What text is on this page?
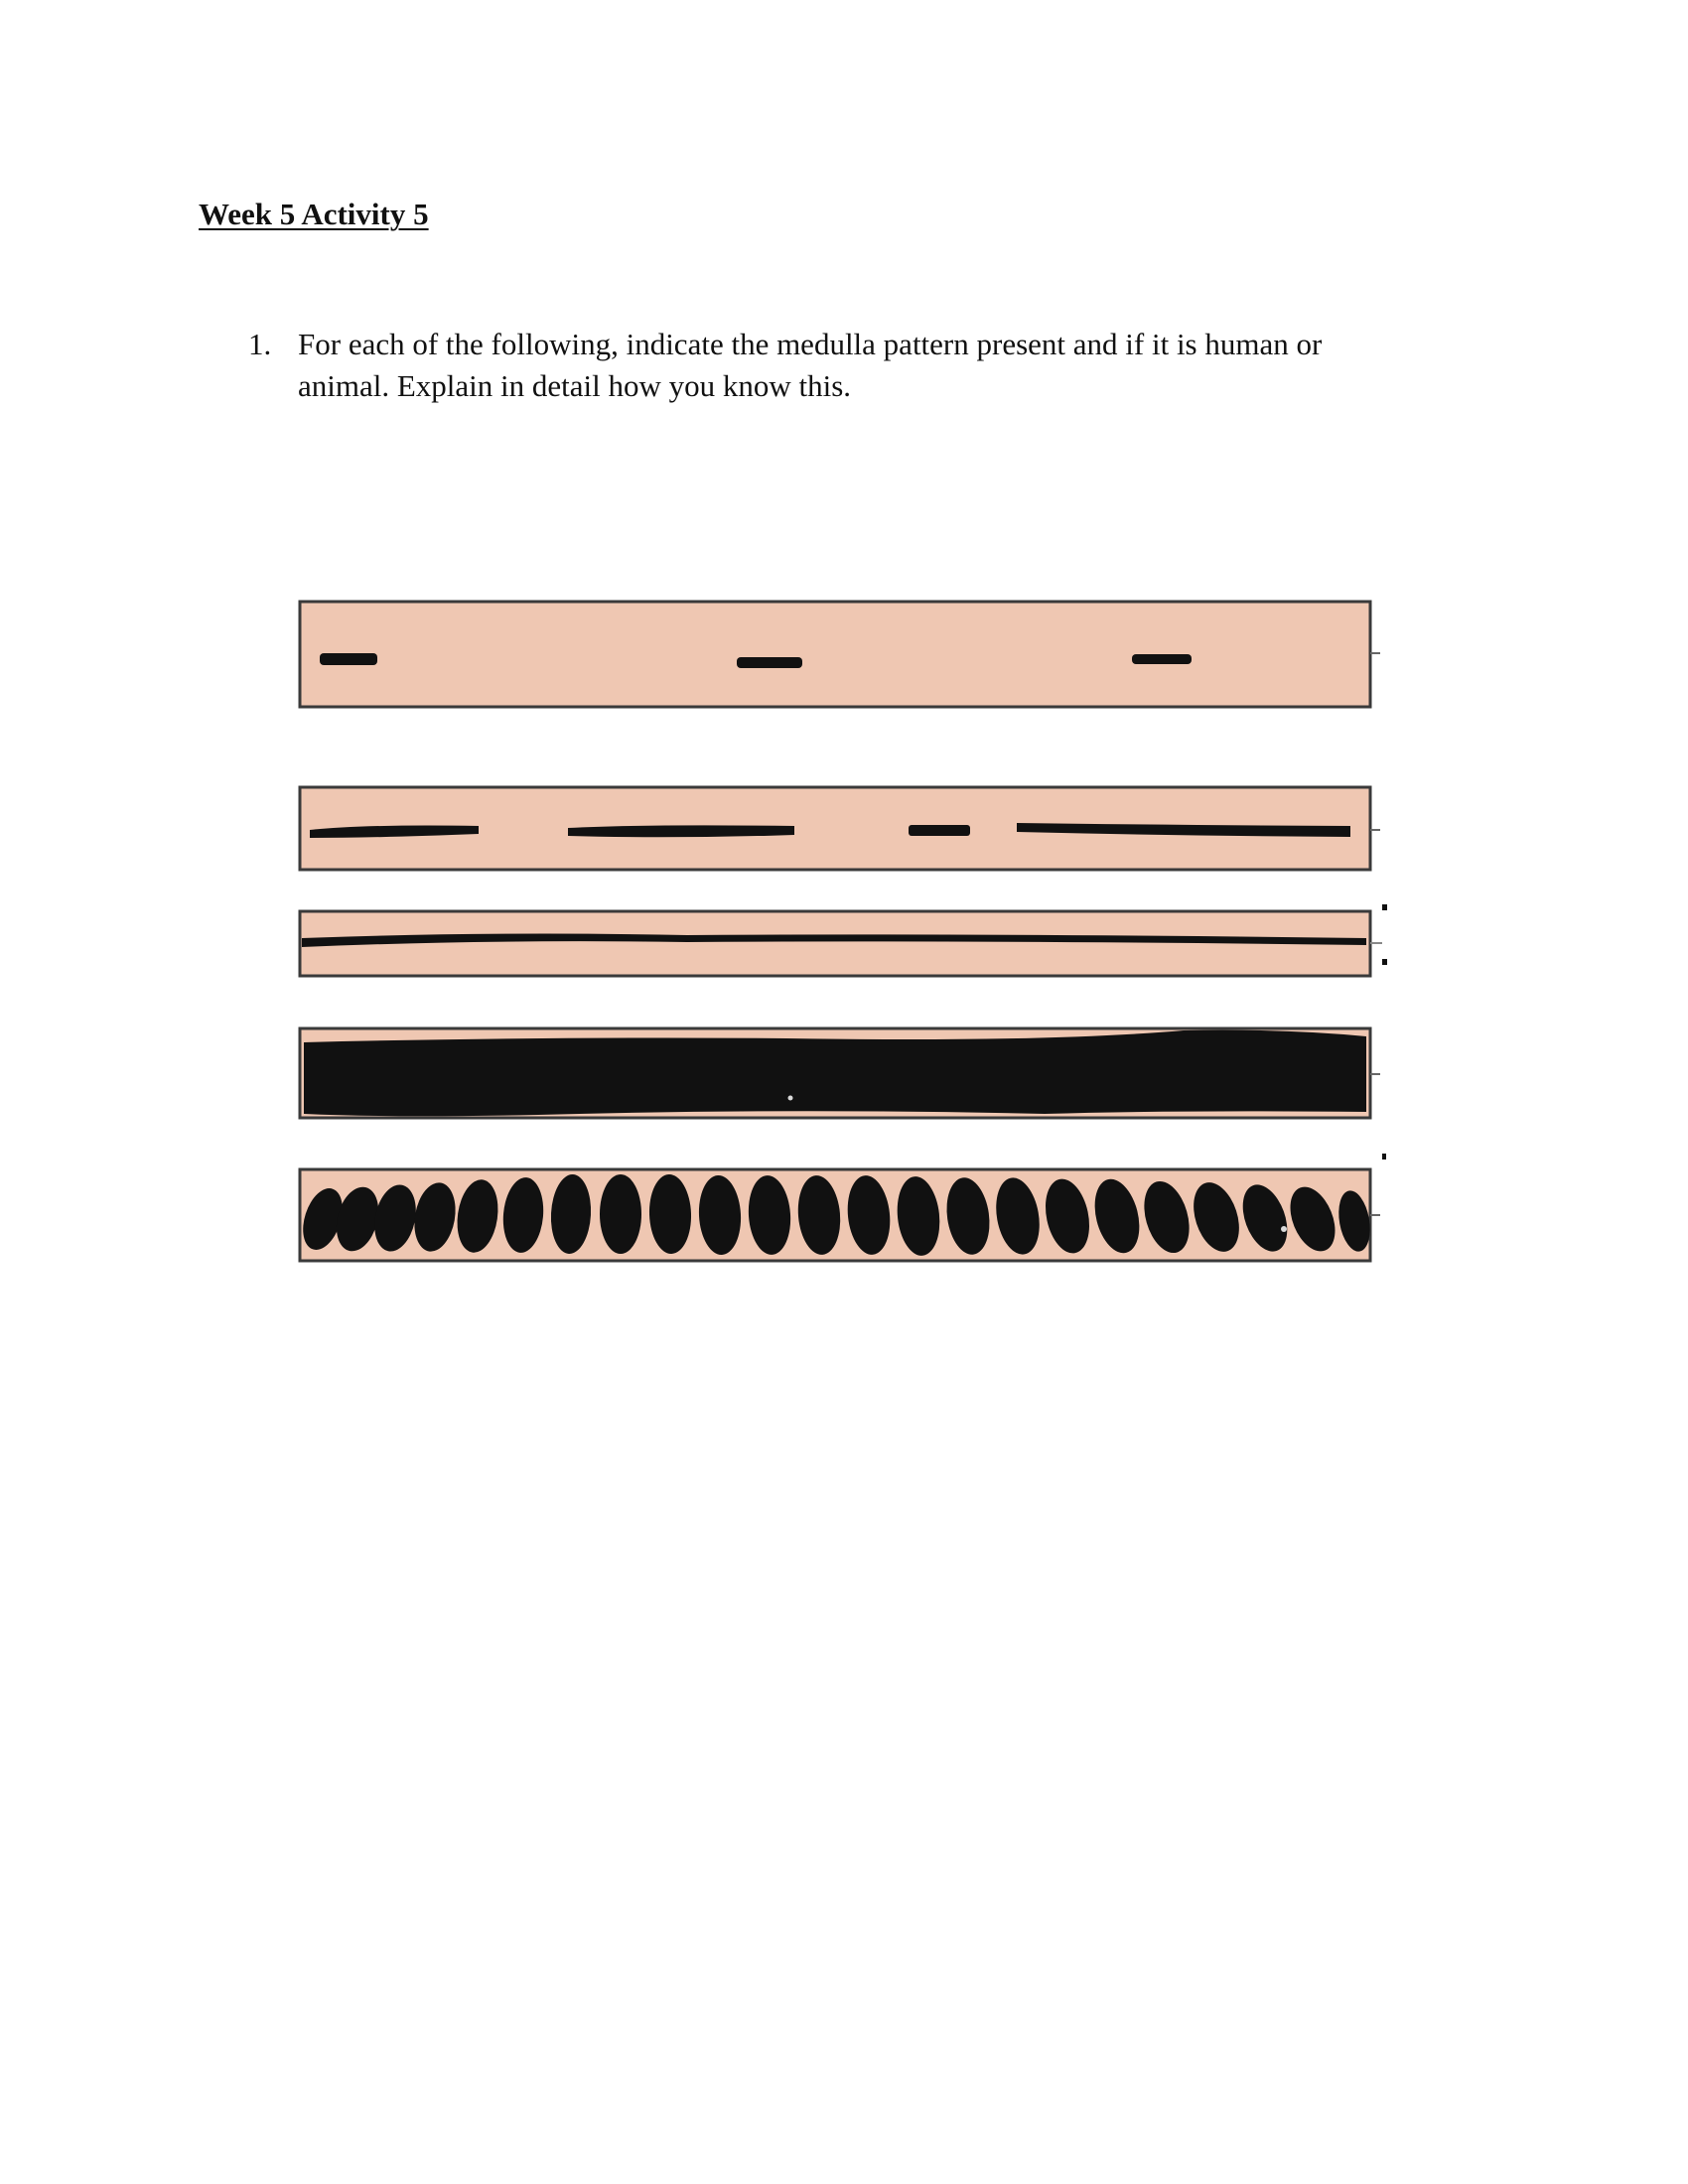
Week 5 Activity 5
1. For each of the following, indicate the medulla pattern present and if it is human or
animal. Explain in detail how you know this.
